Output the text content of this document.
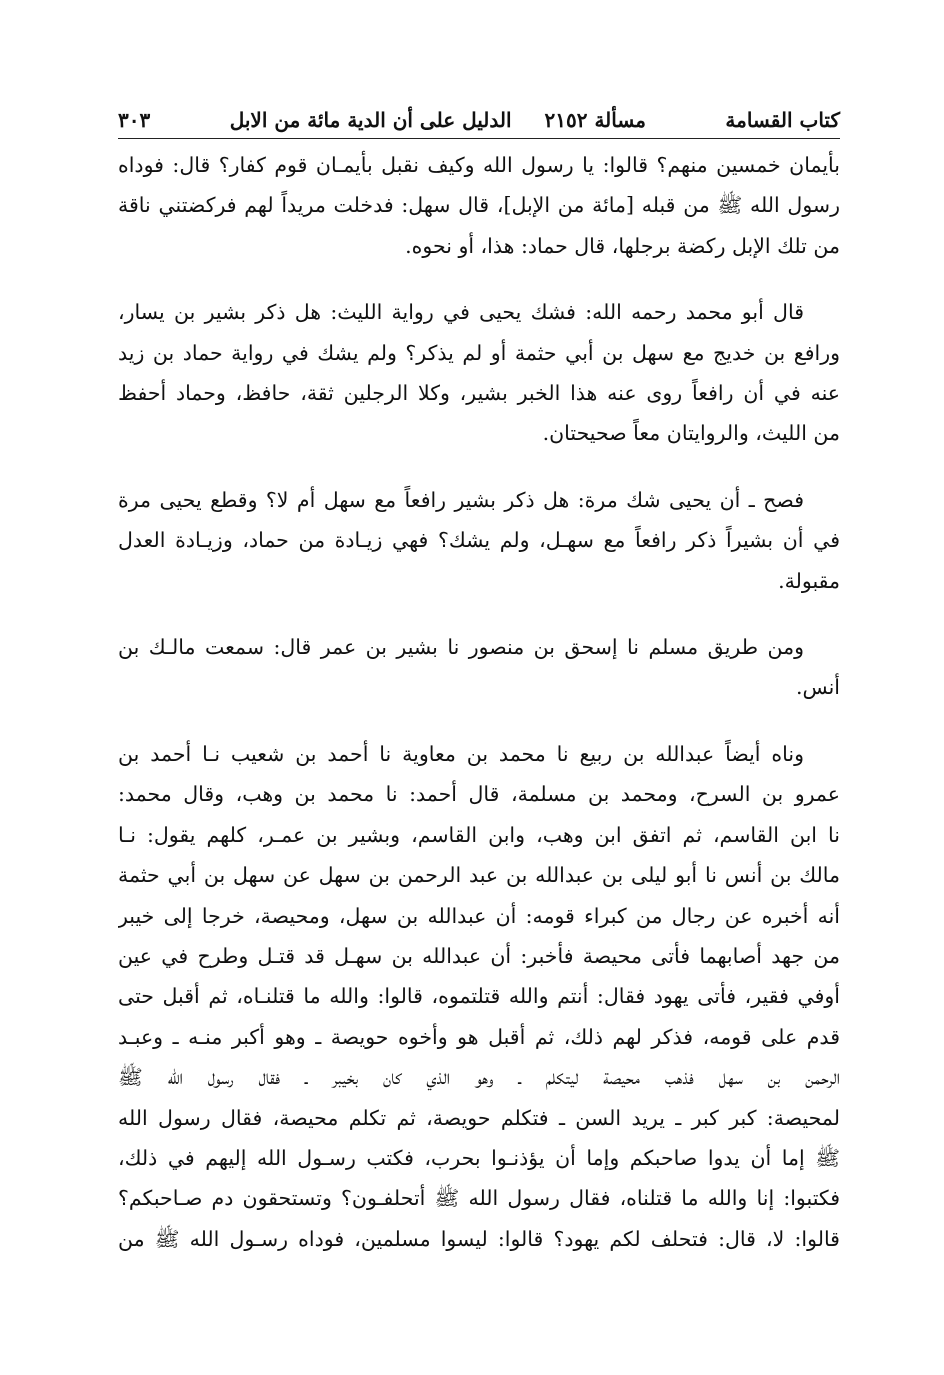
كتاب القسامة
مسألة ٢١٥٢ الدليل على أن الدية مائة من الابل
٣٠٣
بأيمان خمسين منهم؟ قالوا: يا رسول الله وكيف نقبل بأيمـان قوم كفار؟ قال: فوداه
رسول الله ﷺ من قبله [مائة من الإبل]، قال سهل: فدخلت مريداً لهم فركضتني ناقة
من تلك الإبل ركضة برجلها، قال حماد: هذا، أو نحوه.
قال أبو محمد رحمه الله: فشك يحيى في رواية الليث: هل ذكر بشير بن يسار،
ورافع بن خديج مع سهل بن أبي حثمة أو لم يذكر؟ ولم يشك في رواية حماد بن زيد
عنه في أن رافعاً روى عنه هذا الخبر بشير، وكلا الرجلين ثقة، حافظ، وحماد أحفظ
من الليث، والروايتان معاً صحيحتان.
فصح ـ أن يحيى شك مرة: هل ذكر بشير رافعاً مع سهل أم لا؟ وقطع يحيى مرة
في أن بشيراً ذكر رافعاً مع سهـل، ولم يشك؟ فهي زيـادة من حماد، وزيـادة العدل
مقبولة.
ومن طريق مسلم نا إسحق بن منصور نا بشير بن عمر قال: سمعت مالـك بن
أنس.
وناه أيضاً عبدالله بن ربيع نا محمد بن معاوية نا أحمد بن شعيب نـا أحمد بن
عمرو بن السرح، ومحمد بن مسلمة، قال أحمد: نا محمد بن وهب، وقال محمد:
نا ابن القاسم، ثم اتفق ابن وهب، وابن القاسم، وبشير بن عمـر، كلهم يقول: نـا
مالك بن أنس نا أبو ليلى بن عبدالله بن عبد الرحمن بن سهل عن سهل بن أبي حثمة
أنه أخبره عن رجال من كبراء قومه: أن عبدالله بن سهل، ومحيصة، خرجا إلى خيبر
من جهد أصابهما فأتى محيصة فأخبر: أن عبدالله بن سهـل قد قتـل وطرح في عين
أوفي فقير، فأتى يهود فقال: أنتم والله قتلتموه، قالوا: والله ما قتلنـاه، ثم أقبل حتى
قدم على قومه، فذكر لهم ذلك، ثم أقبل هو وأخوه حويصة ـ وهو أكبر منـه ـ وعبـد
الرحمن بن سهل فذهب محيصة ليتكلم ـ وهو الذي كان بخيبر ـ فقال رسول الله ﷺ
لمحيصة: كبر كبر ـ يريد السن ـ فتكلم حويصة، ثم تكلم محيصة، فقال رسول الله
ﷺ إما أن يدوا صاحبكم وإما أن يؤذنـوا بحرب، فكتب رسـول الله إليهم في ذلك،
فكتبوا: إنا والله ما قتلناه، فقال رسول الله ﷺ أتحلفـون؟ وتستحقون دم صـاحبكم؟
قالوا: لا، قال: فتحلف لكم يهود؟ قالوا: ليسوا مسلمين، فوداه رسـول الله ﷺ من
